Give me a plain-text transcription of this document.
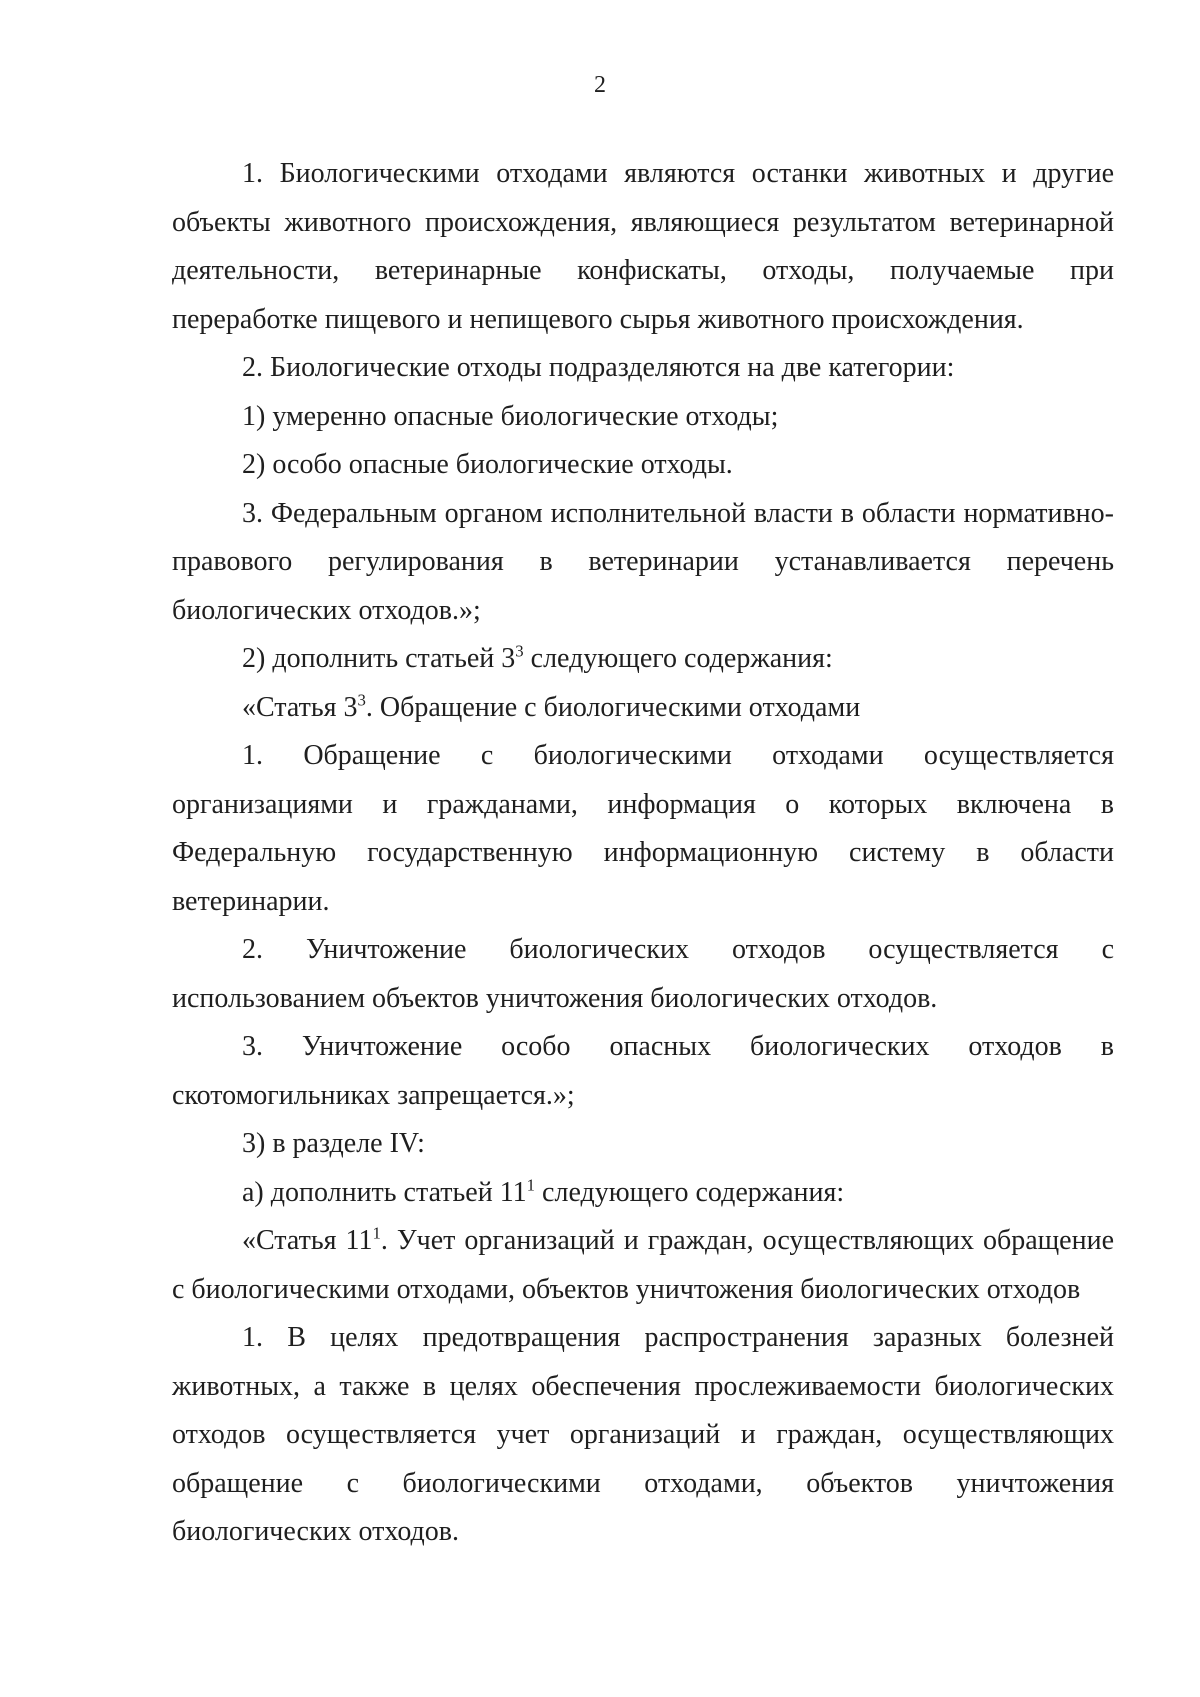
2

1. Биологическими отходами являются останки животных и другие объекты животного происхождения, являющиеся результатом ветеринарной деятельности, ветеринарные конфискаты, отходы, получаемые при переработке пищевого и непищевого сырья животного происхождения.

2. Биологические отходы подразделяются на две категории:

1) умеренно опасные биологические отходы;

2) особо опасные биологические отходы.

3. Федеральным органом исполнительной власти в области нормативно-правового регулирования в ветеринарии устанавливается перечень биологических отходов.»;

2) дополнить статьей $3^3$ следующего содержания:

«Статья $3^3$. Обращение с биологическими отходами

1. Обращение с биологическими отходами осуществляется организациями и гражданами, информация о которых включена в Федеральную государственную информационную систему в области ветеринарии.

2. Уничтожение биологических отходов осуществляется с использованием объектов уничтожения биологических отходов.

3. Уничтожение особо опасных биологических отходов в скотомогильниках запрещается.»;

3) в разделе IV:

а) дополнить статьей $11^1$ следующего содержания:

«Статья $11^1$. Учет организаций и граждан, осуществляющих обращение с биологическими отходами, объектов уничтожения биологических отходов

1. В целях предотвращения распространения заразных болезней животных, а также в целях обеспечения прослеживаемости биологических отходов осуществляется учет организаций и граждан, осуществляющих обращение с биологическими отходами, объектов уничтожения биологических отходов.
